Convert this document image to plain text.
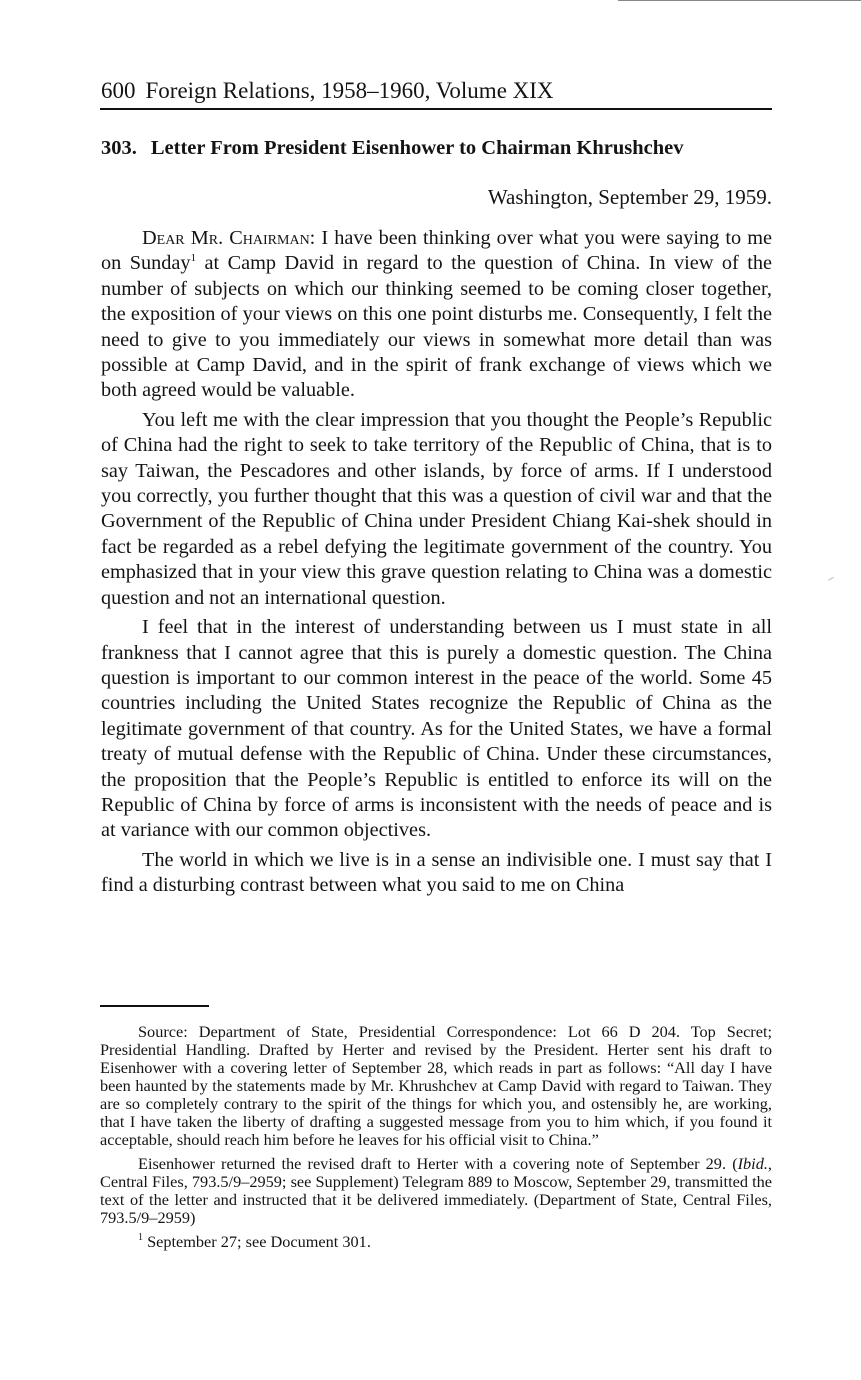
600 Foreign Relations, 1958–1960, Volume XIX
303. Letter From President Eisenhower to Chairman Khrushchev
Washington, September 29, 1959.

Dear Mr. Chairman: I have been thinking over what you were saying to me on Sunday$^1$ at Camp David in regard to the question of China. In view of the number of subjects on which our thinking seemed to be coming closer together, the exposition of your views on this one point disturbs me. Consequently, I felt the need to give to you immediately our views in somewhat more detail than was possible at Camp David, and in the spirit of frank exchange of views which we both agreed would be valuable.

You left me with the clear impression that you thought the People’s Republic of China had the right to seek to take territory of the Republic of China, that is to say Taiwan, the Pescadores and other islands, by force of arms. If I understood you correctly, you further thought that this was a question of civil war and that the Government of the Republic of China under President Chiang Kai-shek should in fact be regarded as a rebel defying the legitimate government of the country. You emphasized that in your view this grave question relating to China was a domestic question and not an international question.

I feel that in the interest of understanding between us I must state in all frankness that I cannot agree that this is purely a domestic question. The China question is important to our common interest in the peace of the world. Some 45 countries including the United States recognize the Republic of China as the legitimate government of that country. As for the United States, we have a formal treaty of mutual defense with the Republic of China. Under these circumstances, the proposition that the People’s Republic is entitled to enforce its will on the Republic of China by force of arms is inconsistent with the needs of peace and is at variance with our common objectives.

The world in which we live is in a sense an indivisible one. I must say that I find a disturbing contrast between what you said to me on China

Source: Department of State, Presidential Correspondence: Lot 66 D 204. Top Secret; Presidential Handling. Drafted by Herter and revised by the President. Herter sent his draft to Eisenhower with a covering letter of September 28, which reads in part as follows: “All day I have been haunted by the statements made by Mr. Khrushchev at Camp David with regard to Taiwan. They are so completely contrary to the spirit of the things for which you, and ostensibly he, are working, that I have taken the liberty of drafting a suggested message from you to him which, if you found it acceptable, should reach him before he leaves for his official visit to China.”

Eisenhower returned the revised draft to Herter with a covering note of September 29. (Ibid., Central Files, 793.5/9–2959; see Supplement) Telegram 889 to Moscow, September 29, transmitted the text of the letter and instructed that it be delivered immediately. (Department of State, Central Files, 793.5/9–2959)

$^1$ September 27; see Document 301.
